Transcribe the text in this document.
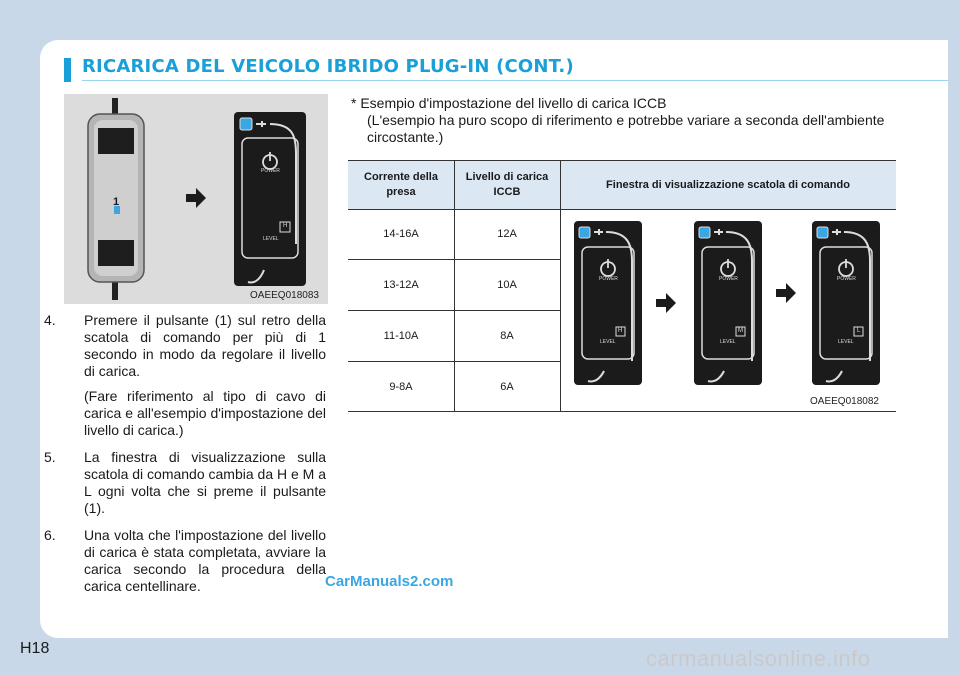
RICARICA DEL VEICOLO IBRIDO PLUG-IN (CONT.)
1
POWER
LEVEL
H
OAEEQ018083
4. Premere il pulsante (1) sul retro della scatola di comando per più di 1 secondo in modo da regolare il livello di carica.
(Fare riferimento al tipo di cavo di carica e all'esempio d'impostazione del livello di carica.)
5. La finestra di visualizzazione sulla scatola di comando cambia da H e M a L ogni volta che si preme il pulsante (1).
6. Una volta che l'impostazione del livello di carica è stata completata, avviare la carica secondo la procedura della carica centellinare.
* Esempio d'impostazione del livello di carica ICCB
(L'esempio ha puro scopo di riferimento e potrebbe variare a seconda dell'ambiente circostante.)
Corrente della presa
Livello di carica ICCB
Finestra di visualizzazione scatola di comando
14-16A	12A
13-12A	10A
11-10A	8A
9-8A	6A
POWER
LEVEL
H
POWER
LEVEL
M
POWER
LEVEL
L
OAEEQ018082
CarManuals2.com
H18	carmanualsonline.info
